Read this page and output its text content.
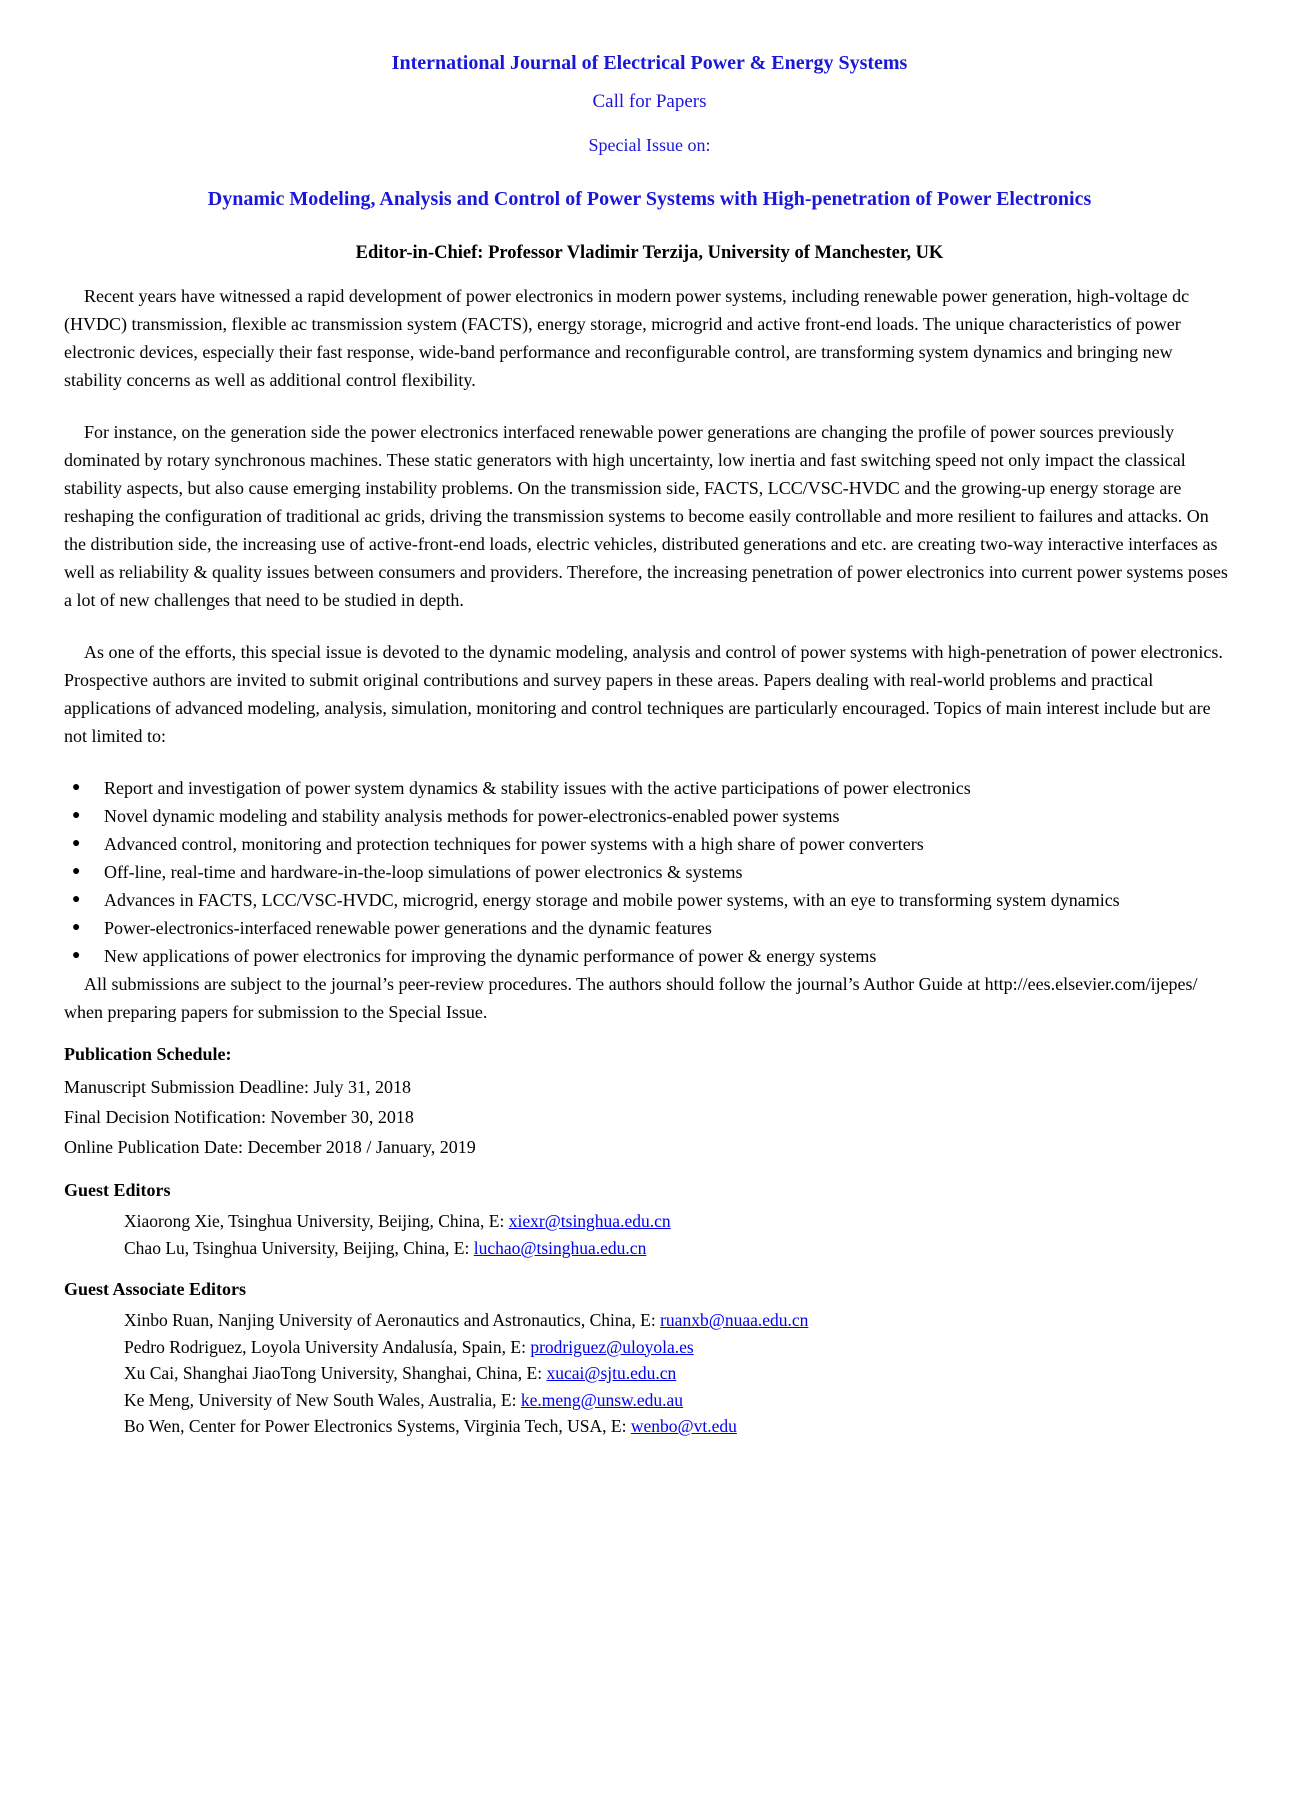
International Journal of Electrical Power & Energy Systems
Call for Papers
Special Issue on:
Dynamic Modeling, Analysis and Control of Power Systems with High-penetration of Power Electronics
Editor-in-Chief: Professor Vladimir Terzija, University of Manchester, UK

Recent years have witnessed a rapid development of power electronics in modern power systems, including renewable power generation, high-voltage dc (HVDC) transmission, flexible ac transmission system (FACTS), energy storage, microgrid and active front-end loads. The unique characteristics of power electronic devices, especially their fast response, wide-band performance and reconfigurable control, are transforming system dynamics and bringing new stability concerns as well as additional control flexibility.

For instance, on the generation side the power electronics interfaced renewable power generations are changing the profile of power sources previously dominated by rotary synchronous machines. These static generators with high uncertainty, low inertia and fast switching speed not only impact the classical stability aspects, but also cause emerging instability problems. On the transmission side, FACTS, LCC/VSC-HVDC and the growing-up energy storage are reshaping the configuration of traditional ac grids, driving the transmission systems to become easily controllable and more resilient to failures and attacks. On the distribution side, the increasing use of active-front-end loads, electric vehicles, distributed generations and etc. are creating two-way interactive interfaces as well as reliability & quality issues between consumers and providers. Therefore, the increasing penetration of power electronics into current power systems poses a lot of new challenges that need to be studied in depth.

As one of the efforts, this special issue is devoted to the dynamic modeling, analysis and control of power systems with high-penetration of power electronics. Prospective authors are invited to submit original contributions and survey papers in these areas. Papers dealing with real-world problems and practical applications of advanced modeling, analysis, simulation, monitoring and control techniques are particularly encouraged. Topics of main interest include but are not limited to:

●	Report and investigation of power system dynamics & stability issues with the active participations of power electronics
●	Novel dynamic modeling and stability analysis methods for power-electronics-enabled power systems
●	Advanced control, monitoring and protection techniques for power systems with a high share of power converters
●	Off-line, real-time and hardware-in-the-loop simulations of power electronics & systems
●	Advances in FACTS, LCC/VSC-HVDC, microgrid, energy storage and mobile power systems, with an eye to transforming system dynamics
●	Power-electronics-interfaced renewable power generations and the dynamic features
●	New applications of power electronics for improving the dynamic performance of power & energy systems

All submissions are subject to the journal’s peer-review procedures. The authors should follow the journal’s Author Guide at http://ees.elsevier.com/ijepes/ when preparing papers for submission to the Special Issue.

Publication Schedule:
Manuscript Submission Deadline: July 31, 2018
Final Decision Notification: November 30, 2018
Online Publication Date: December 2018 / January, 2019
Guest Editors
Xiaorong Xie, Tsinghua University, Beijing, China, E: xiexr@tsinghua.edu.cn
Chao Lu, Tsinghua University, Beijing, China, E: luchao@tsinghua.edu.cn
Guest Associate Editors
Xinbo Ruan, Nanjing University of Aeronautics and Astronautics, China, E: ruanxb@nuaa.edu.cn
Pedro Rodriguez, Loyola University Andalusía, Spain, E: prodriguez@uloyola.es
Xu Cai, Shanghai JiaoTong University, Shanghai, China, E: xucai@sjtu.edu.cn
Ke Meng, University of New South Wales, Australia, E: ke.meng@unsw.edu.au
Bo Wen, Center for Power Electronics Systems, Virginia Tech, USA, E: wenbo@vt.edu
